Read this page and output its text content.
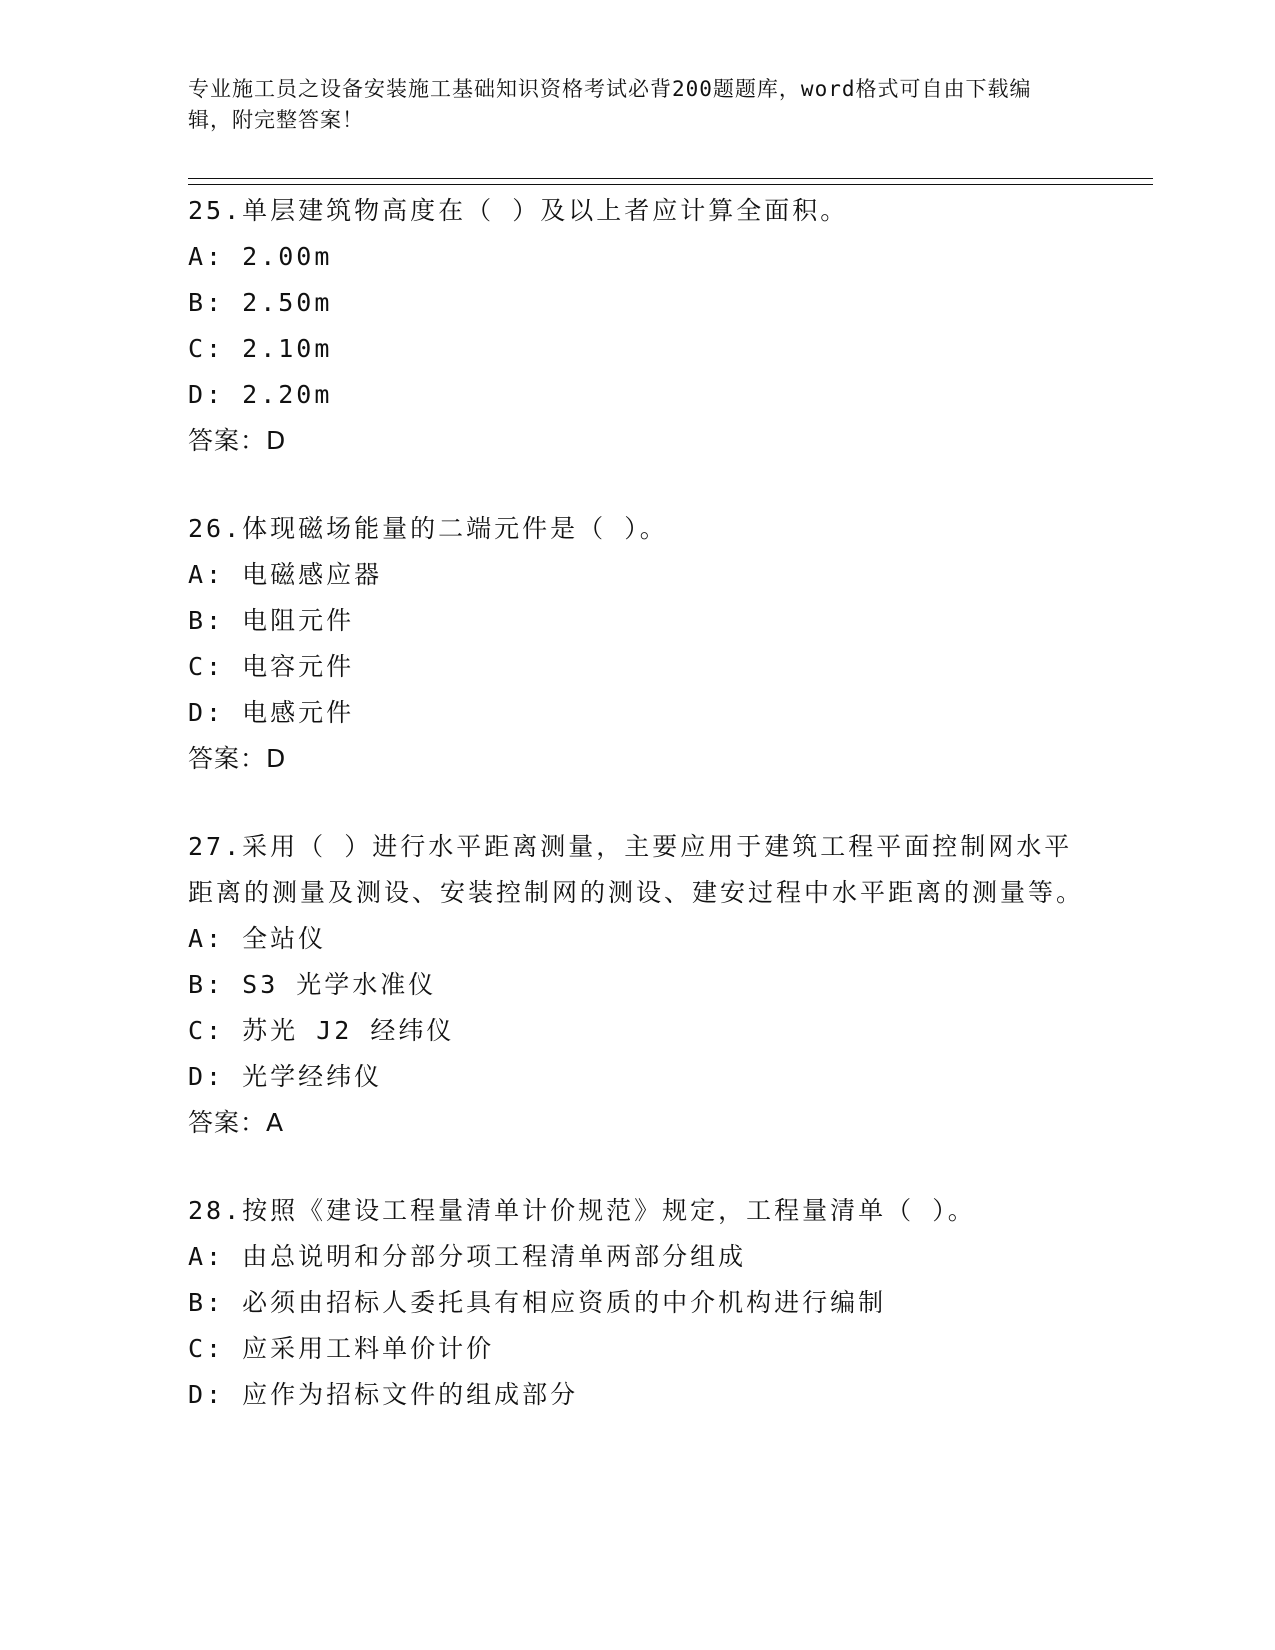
专业施工员之设备安装施工基础知识资格考试必背200题题库，word格式可自由下载编辑，附完整答案！
25.单层建筑物高度在（ ）及以上者应计算全面积。
A: 2.00m
B: 2.50m
C: 2.10m
D: 2.20m
答案：D
26.体现磁场能量的二端元件是（ ）。
A: 电磁感应器
B: 电阻元件
C: 电容元件
D: 电感元件
答案：D
27.采用（ ）进行水平距离测量，主要应用于建筑工程平面控制网水平距离的测量及测设、安装控制网的测设、建安过程中水平距离的测量等。
A: 全站仪
B: S3 光学水准仪
C: 苏光 J2 经纬仪
D: 光学经纬仪
答案：A
28.按照《建设工程量清单计价规范》规定，工程量清单（ ）。
A: 由总说明和分部分项工程清单两部分组成
B: 必须由招标人委托具有相应资质的中介机构进行编制
C: 应采用工料单价计价
D: 应作为招标文件的组成部分
